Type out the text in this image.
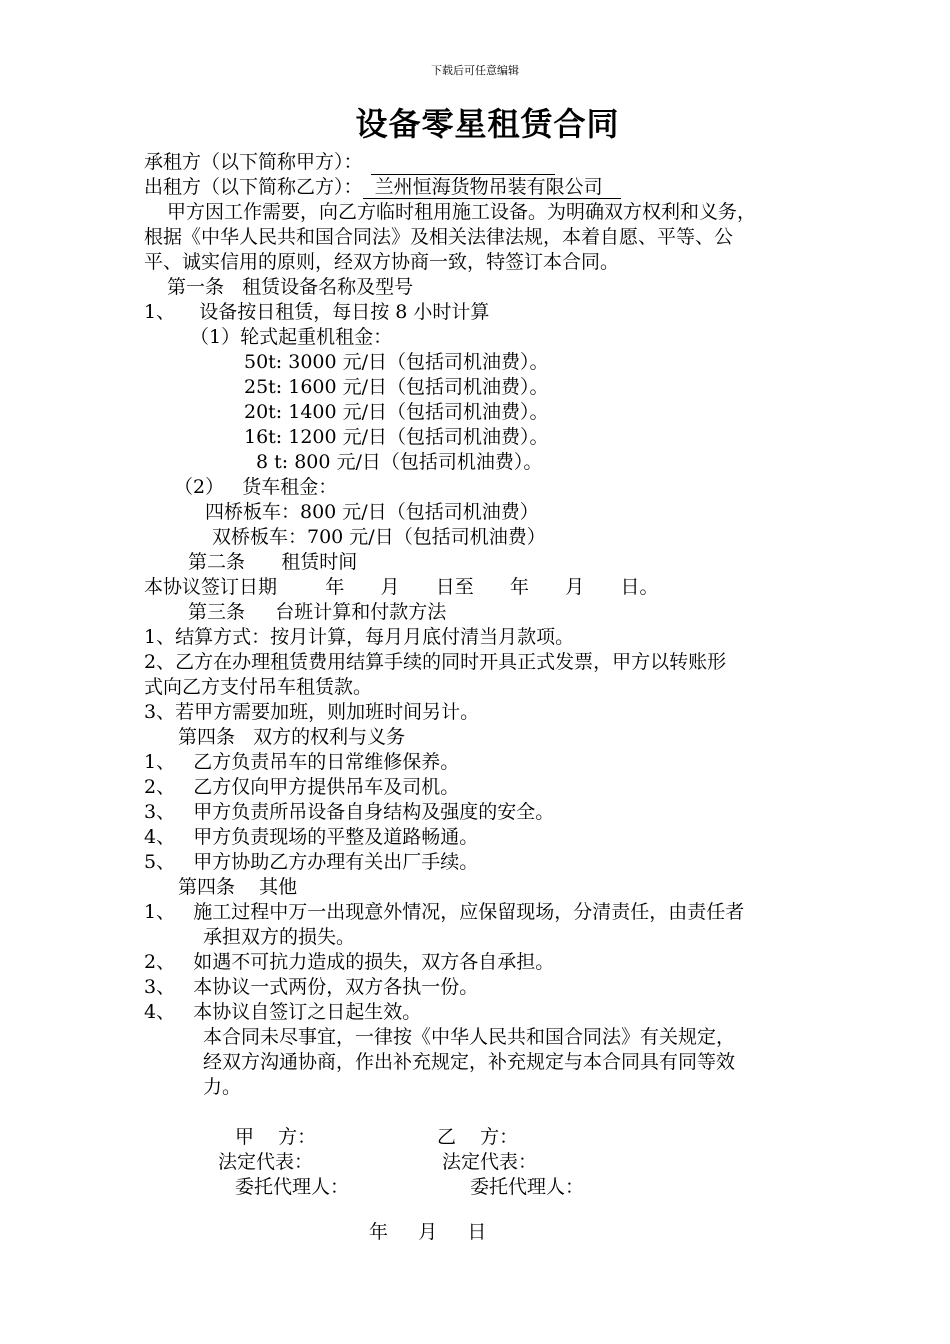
下载后可任意编辑
设备零星租赁合同
承租方（以下简称甲方）：
出租方（以下简称乙方）：  兰州恒海货物吊装有限公司
甲方因工作需要，向乙方临时租用施工设备。为明确双方权利和义务，
根据《中华人民共和国合同法》及相关法律法规，本着自愿、平等、公
平、诚实信用的原则，经双方协商一致，特签订本合同。
第一条   租赁设备名称及型号
1、    设备按日租赁，每日按 8 小时计算
（1）轮式起重机租金：
50t: 3000 元/日（包括司机油费）。
25t: 1600 元/日（包括司机油费）。
20t: 1400 元/日（包括司机油费）。
16t: 1200 元/日（包括司机油费）。
8 t: 800 元/日（包括司机油费）。
（2）   货车租金：
四桥板车：800 元/日（包括司机油费）
双桥板车：700 元/日（包括司机油费）
第二条      租赁时间
本协议签订日期        年      月      日至      年      月      日。
第三条     台班计算和付款方法
1、结算方式：按月计算，每月月底付清当月款项。
2、乙方在办理租赁费用结算手续的同时开具正式发票，甲方以转账形
式向乙方支付吊车租赁款。
3、若甲方需要加班，则加班时间另计。
第四条   双方的权利与义务
1、   乙方负责吊车的日常维修保养。
2、   乙方仅向甲方提供吊车及司机。
3、   甲方负责所吊设备自身结构及强度的安全。
4、   甲方负责现场的平整及道路畅通。
5、   甲方协助乙方办理有关出厂手续。
第四条    其他
1、   施工过程中万一出现意外情况，应保留现场，分清责任，由责任者
承担双方的损失。
2、   如遇不可抗力造成的损失，双方各自承担。
3、   本协议一式两份，双方各执一份。
4、   本协议自签订之日起生效。
本合同未尽事宜，一律按《中华人民共和国合同法》有关规定，
经双方沟通协商，作出补充规定，补充规定与本合同具有同等效
力。
甲    方：	乙    方：
法定代表：	法定代表：
委托代理人：	委托代理人：
年     月     日
